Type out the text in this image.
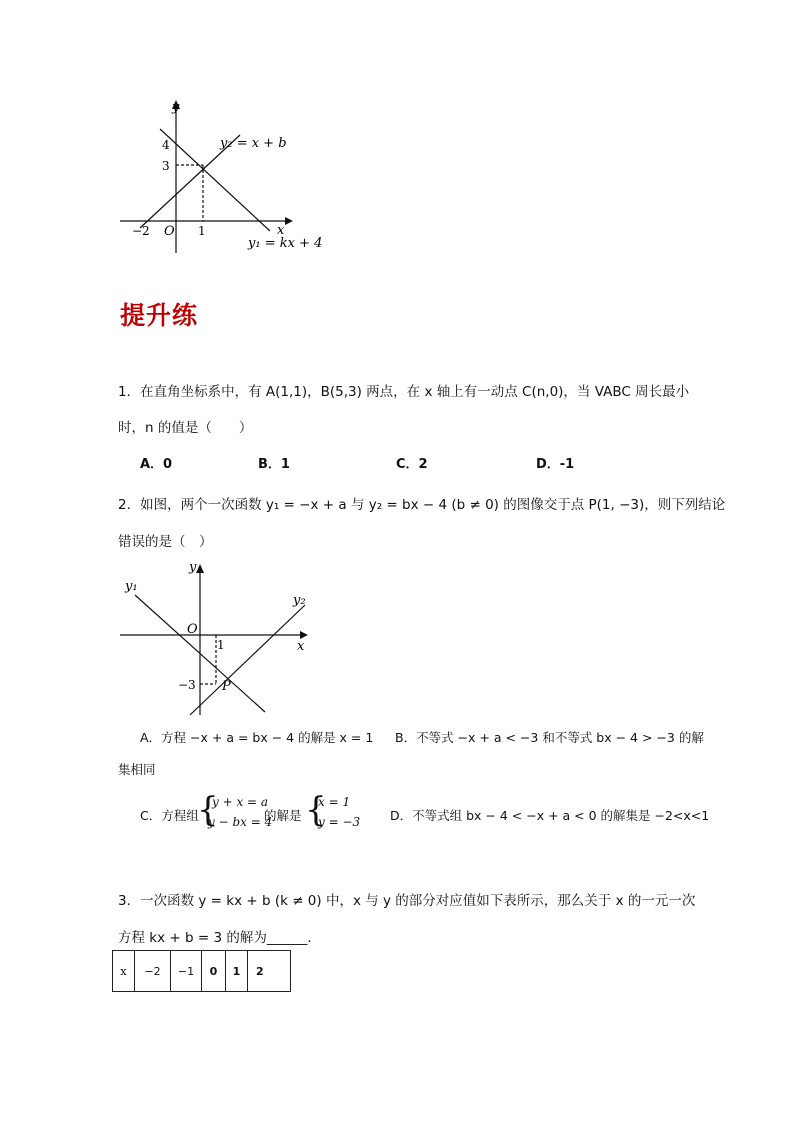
y
x
O
4
3
−2	1
y₂ = x + b
y₁ = kx + 4
提升练
1．在直角坐标系中，有 A(1,1)，B(5,3) 两点，在 x 轴上有一动点 C(n,0)，当 VABC 周长最小
时，n 的值是（　　）
A．0	B．1	C．2	D．-1
2．如图，两个一次函数 y₁ = −x + a 与 y₂ = bx − 4 (b ≠ 0) 的图像交于点 P(1, −3)，则下列结论
错误的是（　）
y₁
y₂
y
x
O
1
−3 P
A．方程 −x + a = bx − 4 的解是 x = 1 B．不等式 −x + a < −3 和不等式 bx − 4 > −3 的解
集相同
C．方程组
{
y + x = a
y − bx = 4
的解是 {
x = 1
y = −3 D．不等式组 bx − 4 < −x + a < 0 的解集是 −2<x<1
3．一次函数 y = kx + b (k ≠ 0) 中，x 与 y 的部分对应值如下表所示，那么关于 x 的一元一次
方程 kx + b = 3 的解为______．
x	−2	−1	0	1	2
